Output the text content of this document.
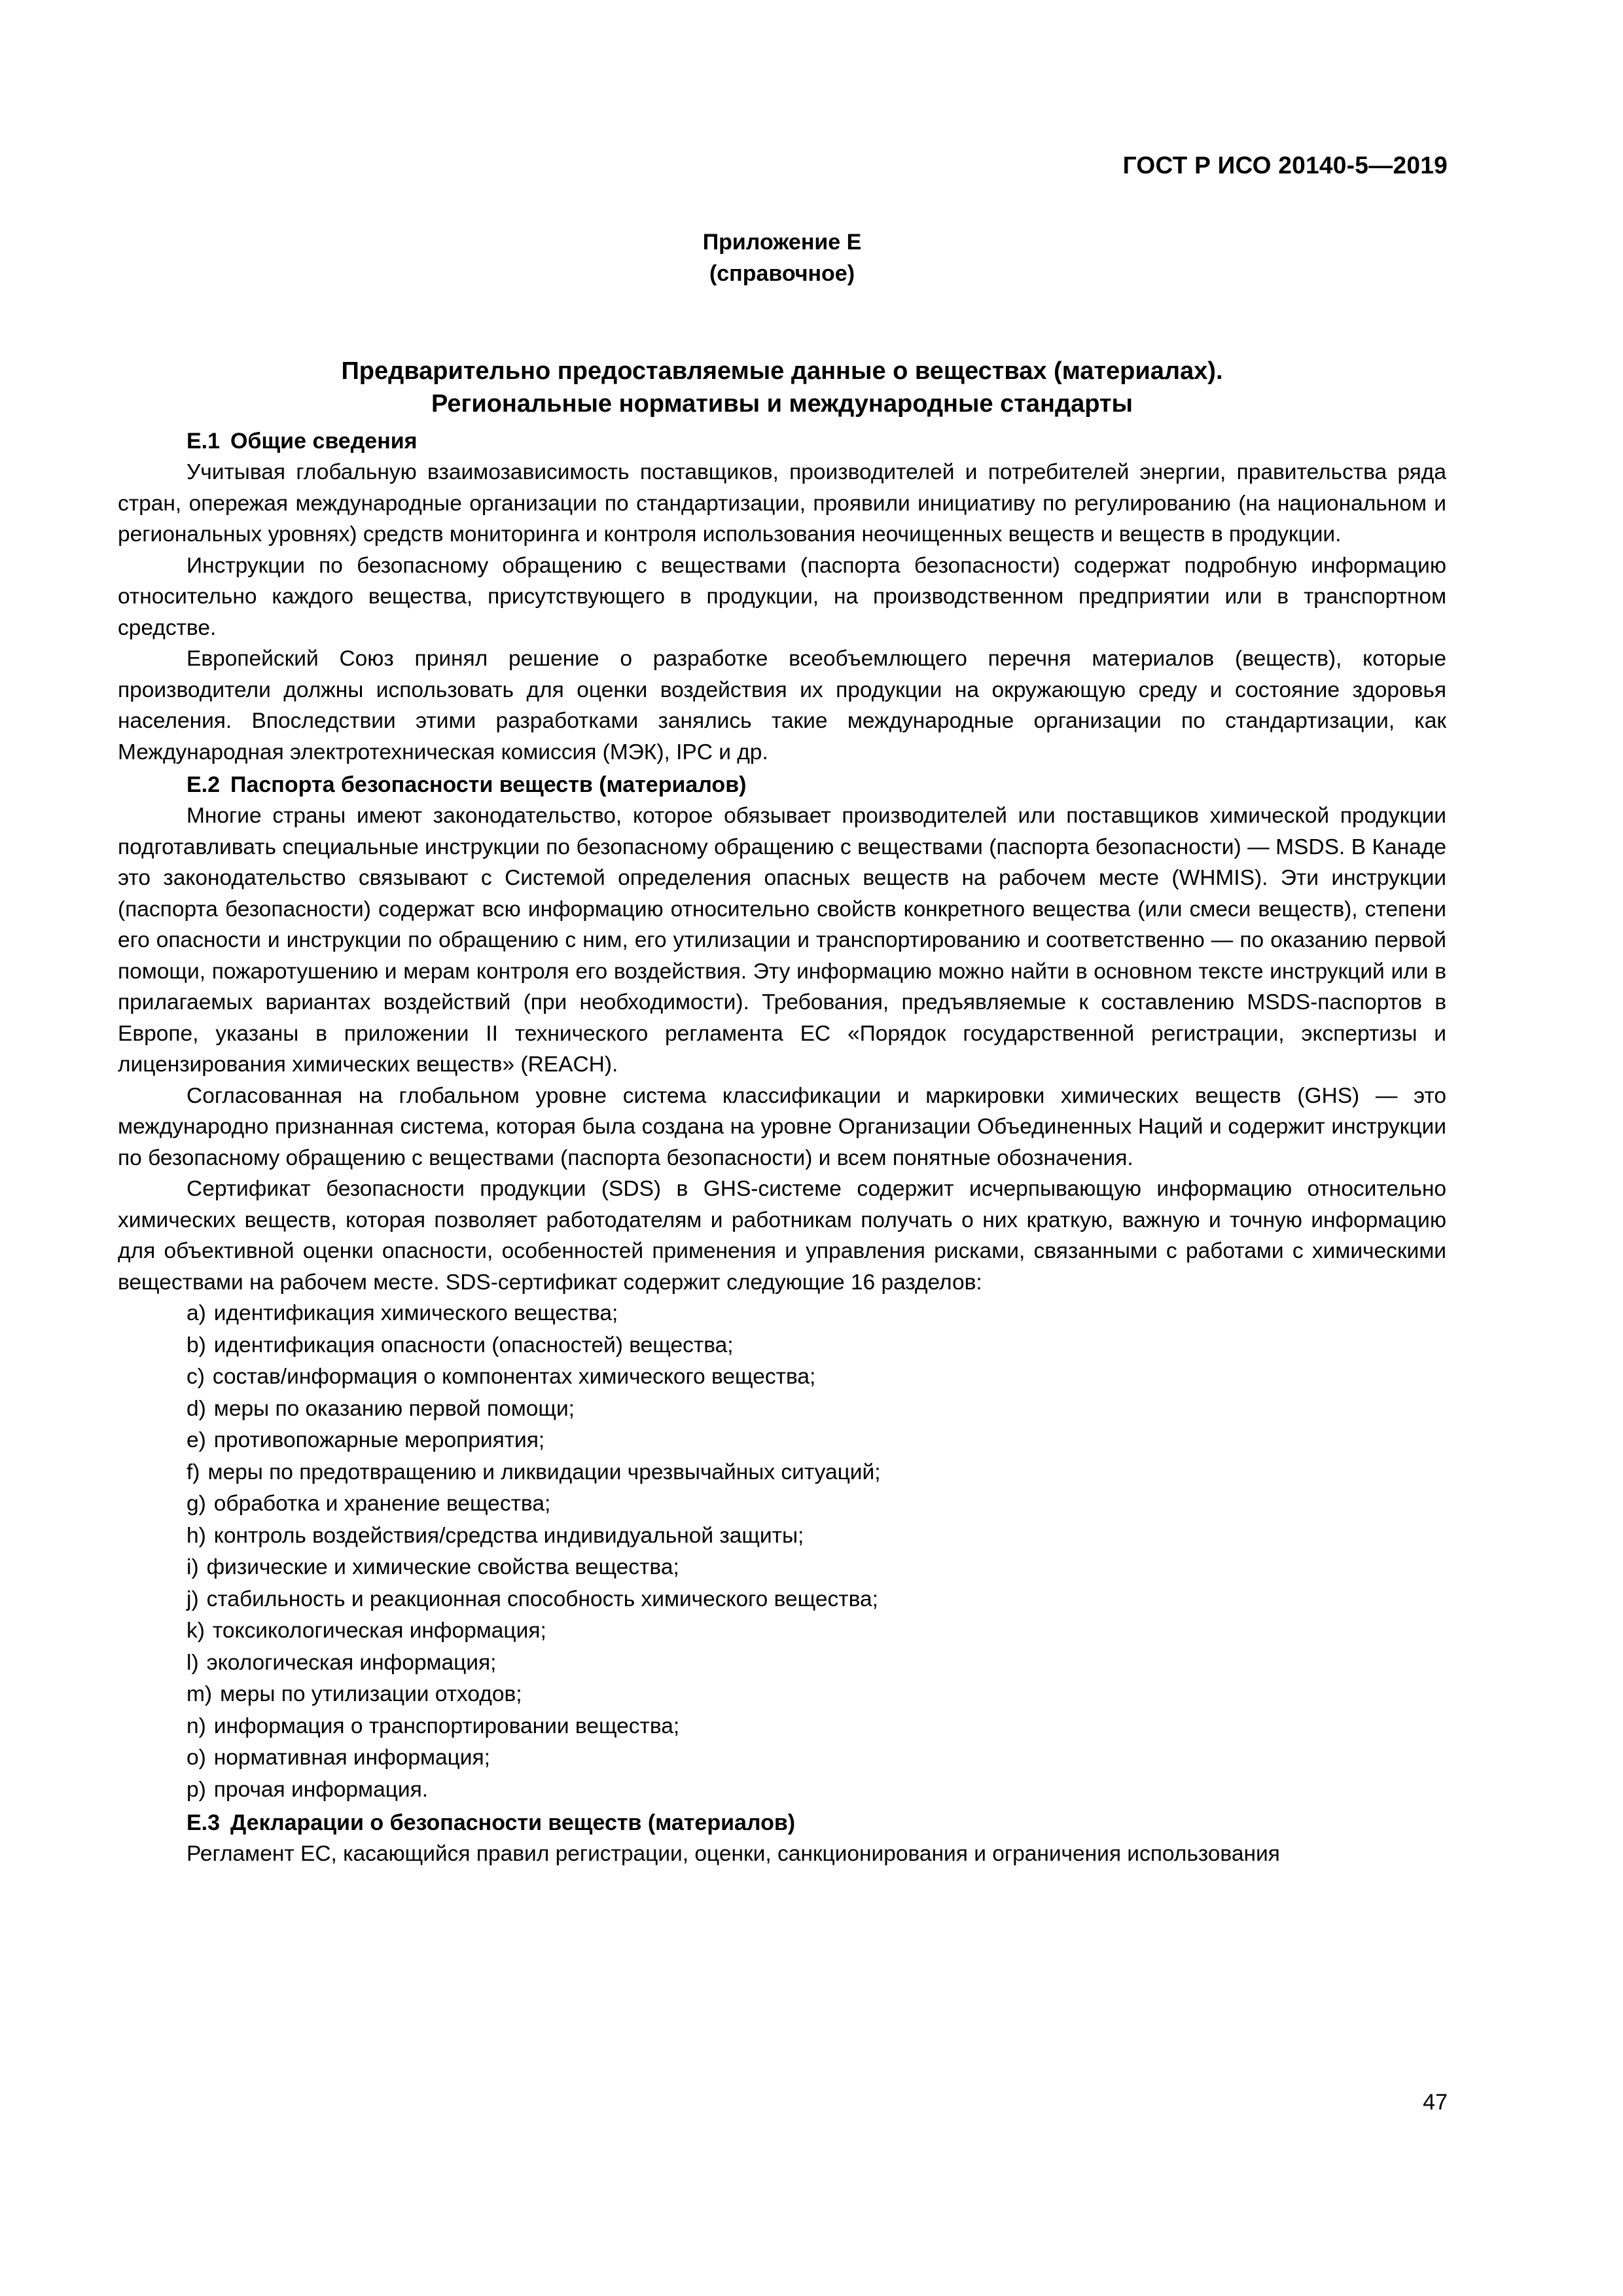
ГОСТ Р ИСО 20140-5—2019
Приложение Е
(справочное)
Предварительно предоставляемые данные о веществах (материалах).
Региональные нормативы и международные стандарты
Е.1 Общие сведения

Учитывая глобальную взаимозависимость поставщиков, производителей и потребителей энергии, правительства ряда стран, опережая международные организации по стандартизации, проявили инициативу по регулированию (на национальном и региональных уровнях) средств мониторинга и контроля использования неочищенных веществ и веществ в продукции.

Инструкции по безопасному обращению с веществами (паспорта безопасности) содержат подробную информацию относительно каждого вещества, присутствующего в продукции, на производственном предприятии или в транспортном средстве.

Европейский Союз принял решение о разработке всеобъемлющего перечня материалов (веществ), которые производители должны использовать для оценки воздействия их продукции на окружающую среду и состояние здоровья населения. Впоследствии этими разработками занялись такие международные организации по стандартизации, как Международная электротехническая комиссия (МЭК), IPC и др.

Е.2 Паспорта безопасности веществ (материалов)

Многие страны имеют законодательство, которое обязывает производителей или поставщиков химической продукции подготавливать специальные инструкции по безопасному обращению с веществами (паспорта безопасности) — MSDS. В Канаде это законодательство связывают с Системой определения опасных веществ на рабочем месте (WHMIS). Эти инструкции (паспорта безопасности) содержат всю информацию относительно свойств конкретного вещества (или смеси веществ), степени его опасности и инструкции по обращению с ним, его утилизации и транспортированию и соответственно — по оказанию первой помощи, пожаротушению и мерам контроля его воздействия. Эту информацию можно найти в основном тексте инструкций или в прилагаемых вариантах воздействий (при необходимости). Требования, предъявляемые к составлению MSDS-паспортов в Европе, указаны в приложении II технического регламента ЕС «Порядок государственной регистрации, экспертизы и лицензирования химических веществ» (REACH).

Согласованная на глобальном уровне система классификации и маркировки химических веществ (GHS) — это международно признанная система, которая была создана на уровне Организации Объединенных Наций и содержит инструкции по безопасному обращению с веществами (паспорта безопасности) и всем понятные обозначения.

Сертификат безопасности продукции (SDS) в GHS-системе содержит исчерпывающую информацию относительно химических веществ, которая позволяет работодателям и работникам получать о них краткую, важную и точную информацию для объективной оценки опасности, особенностей применения и управления рисками, связанными с работами с химическими веществами на рабочем месте. SDS-сертификат содержит следующие 16 разделов:

a) идентификация химического вещества;
b) идентификация опасности (опасностей) вещества;
c) состав/информация о компонентах химического вещества;
d) меры по оказанию первой помощи;
e) противопожарные мероприятия;
f) меры по предотвращению и ликвидации чрезвычайных ситуаций;
g) обработка и хранение вещества;
h) контроль воздействия/средства индивидуальной защиты;
i) физические и химические свойства вещества;
j) стабильность и реакционная способность химического вещества;
k) токсикологическая информация;
l) экологическая информация;
m) меры по утилизации отходов;
n) информация о транспортировании вещества;
o) нормативная информация;
p) прочая информация.
Е.3 Декларации о безопасности веществ (материалов)

Регламент ЕС, касающийся правил регистрации, оценки, санкционирования и ограничения использования

47
